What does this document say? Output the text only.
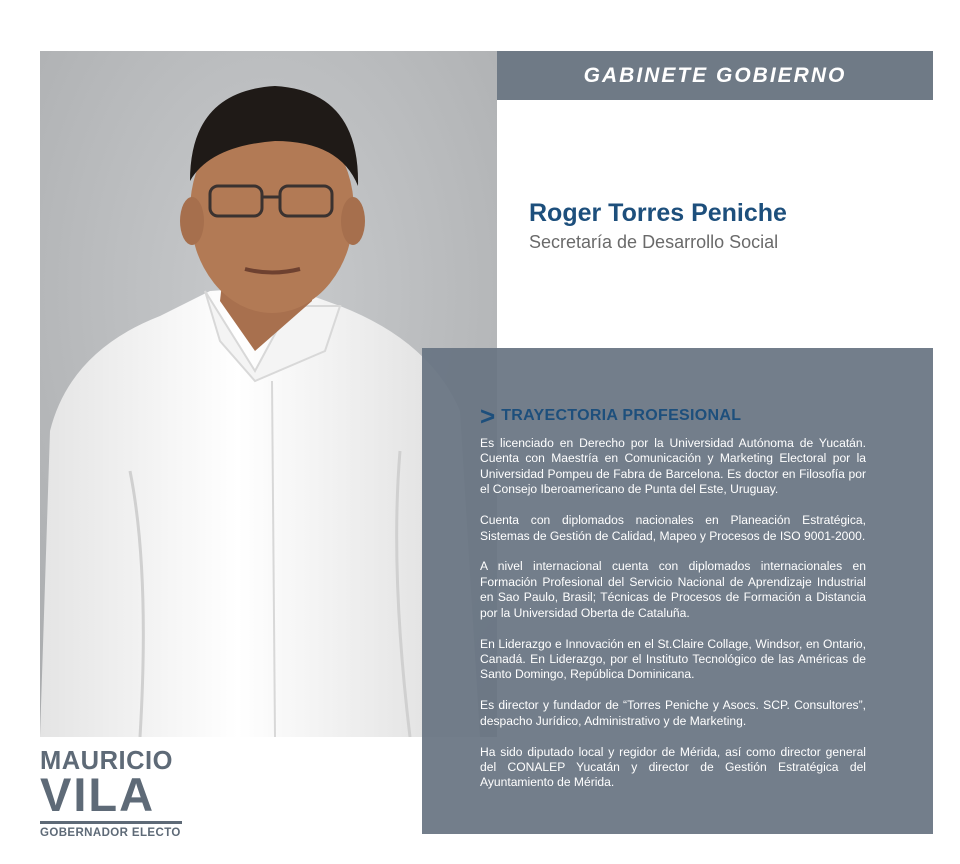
GABINETE GOBIERNO
Roger Torres Peniche
Secretaría de Desarrollo Social
> TRAYECTORIA PROFESIONAL

Es licenciado en Derecho por la Universidad Autónoma de Yucatán. Cuenta con Maestría en Comunicación y Marketing Electoral por la Universidad Pompeu de Fabra de Barcelona. Es doctor en Filosofía por el Consejo Iberoamericano de Punta del Este, Uruguay.

Cuenta con diplomados nacionales en Planeación Estratégica, Sistemas de Gestión de Calidad, Mapeo y Procesos de ISO 9001-2000.

A nivel internacional cuenta con diplomados internacionales en Formación Profesional del Servicio Nacional de Aprendizaje Industrial en Sao Paulo, Brasil; Técnicas de Procesos de Formación a Distancia por la Universidad Oberta de Cataluña.

En Liderazgo e Innovación en el St.Claire Collage, Windsor, en Ontario, Canadá. En Liderazgo, por el Instituto Tecnológico de las Américas de Santo Domingo, República Dominicana.

Es director y fundador de “Torres Peniche y Asocs. SCP. Consultores”, despacho Jurídico, Administrativo y de Marketing.

Ha sido diputado local y regidor de Mérida, así como director general del CONALEP Yucatán y director de Gestión Estratégica del Ayuntamiento de Mérida.

MAURICIO
VILA
GOBERNADOR ELECTO
